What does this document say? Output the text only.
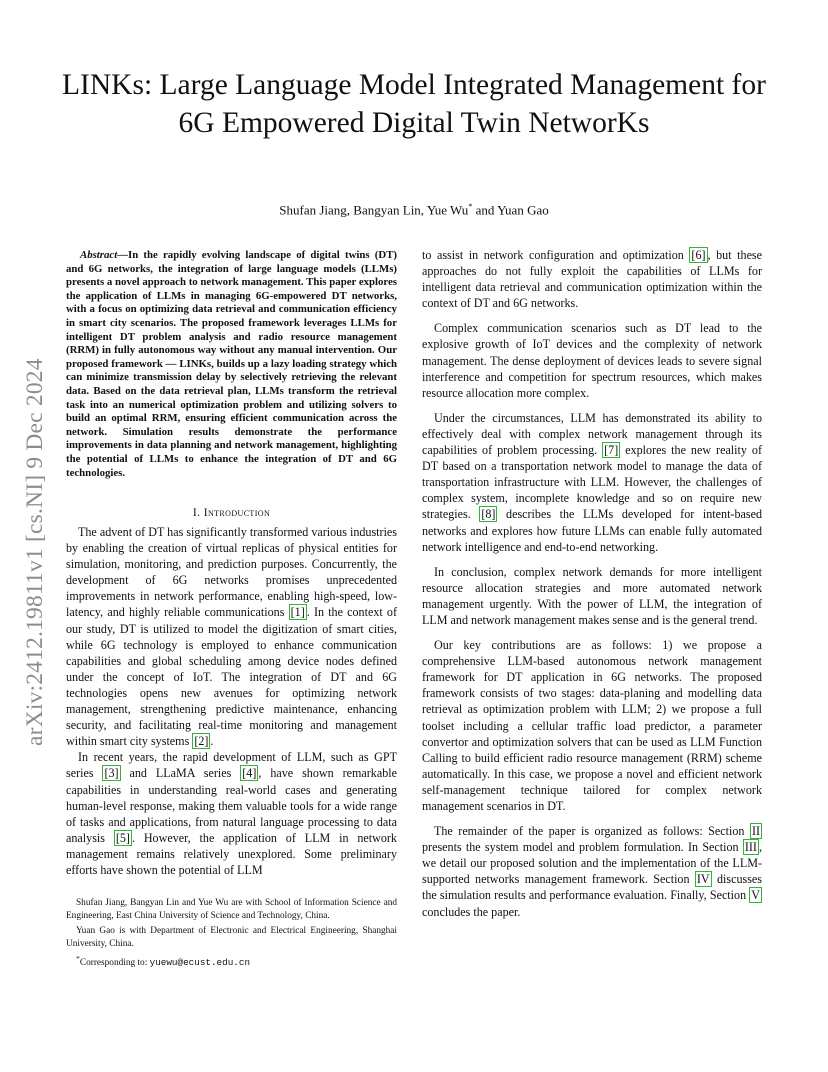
arXiv:2412.19811v1 [cs.NI] 9 Dec 2024
LINKs: Large Language Model Integrated Management for 6G Empowered Digital Twin NetworKs
Shufan Jiang, Bangyan Lin, Yue Wu* and Yuan Gao
Abstract—In the rapidly evolving landscape of digital twins (DT) and 6G networks, the integration of large language models (LLMs) presents a novel approach to network management. This paper explores the application of LLMs in managing 6G-empowered DT networks, with a focus on optimizing data retrieval and communication efficiency in smart city scenarios. The proposed framework leverages LLMs for intelligent DT problem analysis and radio resource management (RRM) in fully autonomous way without any manual intervention. Our proposed framework — LINKs, builds up a lazy loading strategy which can minimize transmission delay by selectively retrieving the relevant data. Based on the data retrieval plan, LLMs transform the retrieval task into an numerical optimization problem and utilizing solvers to build an optimal RRM, ensuring efficient communication across the network. Simulation results demonstrate the performance improvements in data planning and network management, highlighting the potential of LLMs to enhance the integration of DT and 6G technologies.
I. Introduction

The advent of DT has significantly transformed various industries by enabling the creation of virtual replicas of physical entities for simulation, monitoring, and prediction purposes. Concurrently, the development of 6G networks promises unprecedented improvements in network performance, enabling high-speed, low-latency, and highly reliable communications [1] . In the context of our study, DT is utilized to model the digitization of smart cities, while 6G technology is employed to enhance communication capabilities and global scheduling among device nodes defined under the concept of IoT. The integration of DT and 6G technologies opens new avenues for optimizing network management, strengthening predictive maintenance, enhancing security, and facilitating real-time monitoring and management within smart city systems [2] .

In recent years, the rapid development of LLM, such as GPT series [3] and LLaMA series [4] , have shown remarkable capabilities in understanding real-world cases and generating human-level response, making them valuable tools for a wide range of tasks and applications, from natural language processing to data analysis [5] . However, the application of LLM in network management remains relatively unexplored. Some preliminary efforts have shown the potential of LLM

Shufan Jiang, Bangyan Lin and Yue Wu are with School of Information Science and Engineering, East China University of Science and Technology, China.

Yuan Gao is with Department of Electronic and Electrical Engineering, Shanghai University, China.

*Corresponding to: yuewu@ecust.edu.cn

to assist in network configuration and optimization [6] , but these approaches do not fully exploit the capabilities of LLMs for intelligent data retrieval and communication optimization within the context of DT and 6G networks.

Complex communication scenarios such as DT lead to the explosive growth of IoT devices and the complexity of network management. The dense deployment of devices leads to severe signal interference and competition for spectrum resources, which makes resource allocation more complex.

Under the circumstances, LLM has demonstrated its ability to effectively deal with complex network management through its capabilities of problem processing. [7] explores the new reality of DT based on a transportation network model to manage the data of transportation infrastructure with LLM. However, the challenges of complex system, incomplete knowledge and so on require new strategies. [8] describes the LLMs developed for intent-based networks and explores how future LLMs can enable fully automated network intelligence and end-to-end networking.

In conclusion, complex network demands for more intelligent resource allocation strategies and more automated network management urgently. With the power of LLM, the integration of LLM and network management makes sense and is the general trend.

Our key contributions are as follows: 1) we propose a comprehensive LLM-based autonomous network management framework for DT application in 6G networks. The proposed framework consists of two stages: data-planing and modelling data retrieval as optimization problem with LLM; 2) we propose a full toolset including a cellular traffic load predictor, a parameter convertor and optimization solvers that can be used as LLM Function Calling to build efficient radio resource management (RRM) scheme automatically. In this case, we propose a novel and efficient network self-management technique tailored for complex network management scenarios in DT.

The remainder of the paper is organized as follows: Section II presents the system model and problem formulation. In Section III , we detail our proposed solution and the implementation of the LLM-supported networks management framework. Section IV discusses the simulation results and performance evaluation. Finally, Section V concludes the paper.
